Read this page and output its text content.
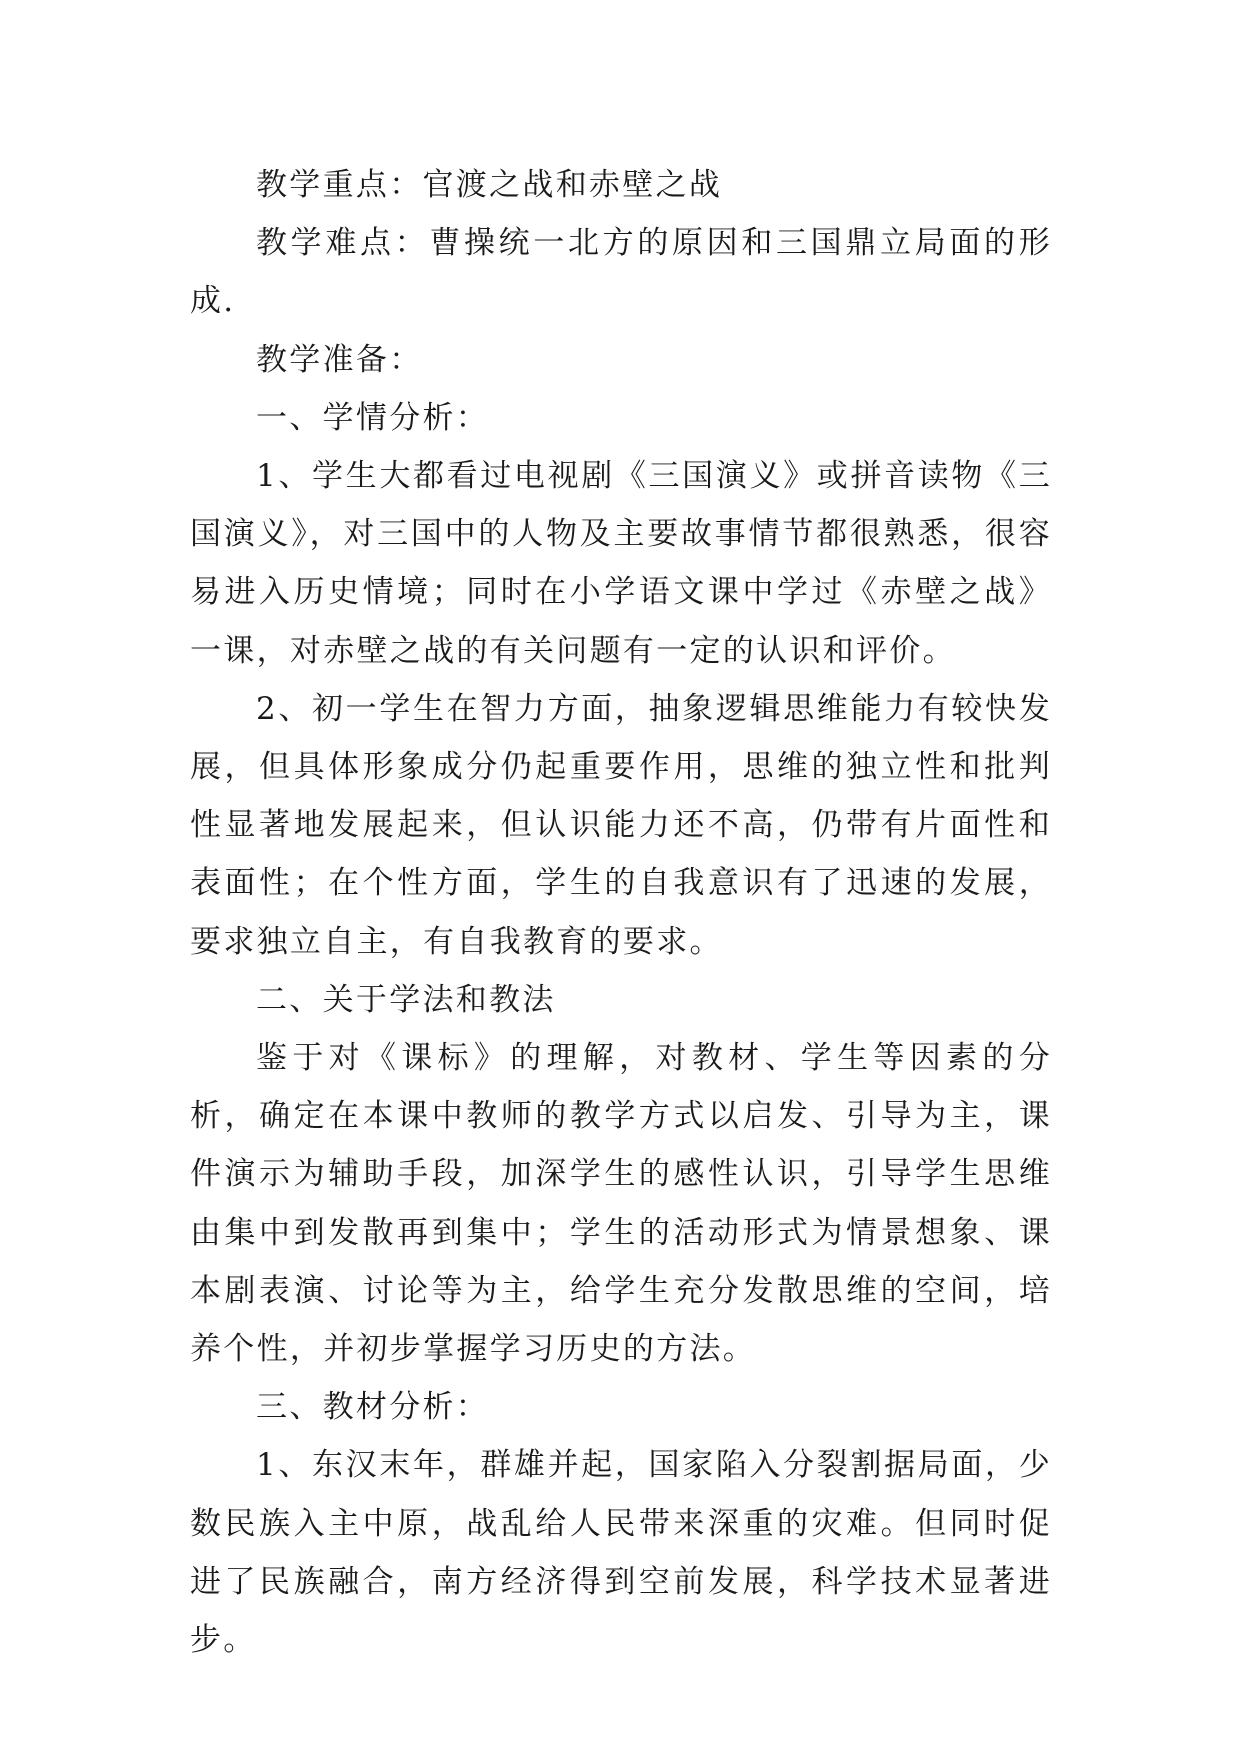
教学重点：官渡之战和赤壁之战

教学难点：曹操统一北方的原因和三国鼎立局面的形成.

教学准备：

一、学情分析：

1、学生大都看过电视剧《三国演义》或拼音读物《三国演义》，对三国中的人物及主要故事情节都很熟悉，很容易进入历史情境；同时在小学语文课中学过《赤壁之战》一课，对赤壁之战的有关问题有一定的认识和评价。

2、初一学生在智力方面，抽象逻辑思维能力有较快发展，但具体形象成分仍起重要作用，思维的独立性和批判性显著地发展起来，但认识能力还不高，仍带有片面性和表面性；在个性方面，学生的自我意识有了迅速的发展，要求独立自主，有自我教育的要求。

二、关于学法和教法

鉴于对《课标》的理解，对教材、学生等因素的分析，确定在本课中教师的教学方式以启发、引导为主，课件演示为辅助手段，加深学生的感性认识，引导学生思维由集中到发散再到集中；学生的活动形式为情景想象、课本剧表演、讨论等为主，给学生充分发散思维的空间，培养个性，并初步掌握学习历史的方法。

三、教材分析：

1、东汉末年，群雄并起，国家陷入分裂割据局面，少数民族入主中原，战乱给人民带来深重的灾难。但同时促进了民族融合，南方经济得到空前发展，科学技术显著进步。
